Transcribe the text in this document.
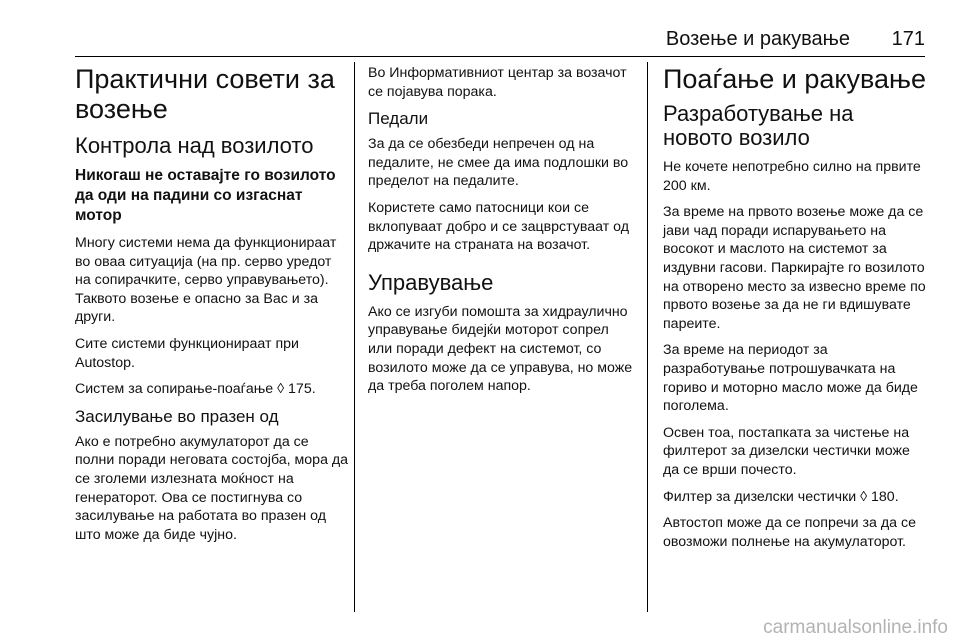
Возење и ракување 171
Практични совети за возење
Контрола над возилото
Никогаш не оставајте го возилото да оди на падини со изгаснат мотор

Многу системи нема да функционираат во оваа ситуација (на пр. серво уредот на сопирачките, серво управувањето). Таквото возење е опасно за Вас и за други.

Сите системи функционираат при Autostop.

Систем за сопирање-поаѓање ◊ 175.

Засилување во празен од

Ако е потребно акумулаторот да се полни поради неговата состојба, мора да се зголеми излезната моќност на генераторот. Ова се постигнува со засилување на работата во празен од што може да биде чујно.

Во Информативниот центар за возачот се појавува порака.

Педали

За да се обезбеди непречен од на педалите, не смее да има подлошки во пределот на педалите.

Користете само патосници кои се вклопуваат добро и се зацврстуваат од држачите на страната на возачот.

Управување

Ако се изгуби помошта за хидраулично управување бидејќи моторот сопрел или поради дефект на системот, со возилото може да се управува, но може да треба поголем напор.

Поаѓање и ракување
Разработување на новото возило

Не кочете непотребно силно на првите 200 км.

За време на првото возење може да се јави чад поради испарувањето на восокот и маслото на системот за издувни гасови. Паркирајте го возилото на отворено место за извесно време по првото возење за да не ги вдишувате пареите.

За време на периодот за разработување потрошувачката на гориво и моторно масло може да биде поголема.

Освен тоа, постапката за чистење на филтерот за дизелски честички може да се врши почесто.

Филтер за дизелски честички ◊ 180.

Автостоп може да се попречи за да се овозможи полнење на акумулаторот.

carmanualsonline.info
